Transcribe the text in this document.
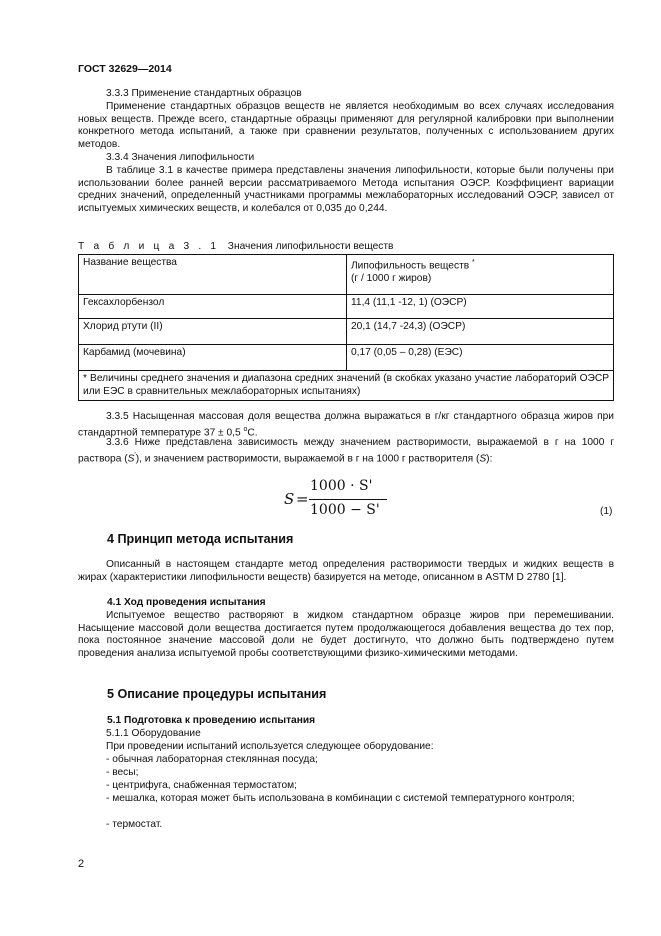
ГОСТ 32629—2014
3.3.3 Применение стандартных образцов
Применение стандартных образцов веществ не является необходимым во всех случаях исследования новых веществ. Прежде всего, стандартные образцы применяют для регулярной калибровки при выполнении конкретного метода испытаний, а также при сравнении результатов, полученных с использованием других методов.
3.3.4 Значения липофильности
В таблице 3.1 в качестве примера представлены значения липофильности, которые были получены при использовании более ранней версии рассматриваемого Метода испытания ОЭСР. Коэффициент вариации средних значений, определенный участниками программы межлабораторных исследований ОЭСР, зависел от испытуемых химических веществ, и колебался от 0,035 до 0,244.
Т а б л и ц а 3 . 1 Значения липофильности веществ
Название вещества	Липофильность веществ *
(г / 1000 г жиров)
Гексахлорбензол	11,4 (11,1 -12, 1) (ОЭСР)
Хлорид ртути (II)	20,1 (14,7 -24,3) (ОЭСР)
Карбамид (мочевина)	0,17 (0,05 – 0,28) (ЕЭС)
* Величины среднего значения и диапазона средних значений (в скобках указано участие лабораторий ОЭСР или ЕЭС в сравнительных межлабораторных испытаниях)	
3.3.5 Насыщенная массовая доля вещества должна выражаться в г/кг стандартного образца жиров при стандартной температуре 37 ± 0,5 $^o$С.
3.3.6 Ниже представлена зависимость между значением растворимости, выражаемой в г на 1000 г раствора (S'), и значением растворимости, выражаемой в г на 1000 г растворителя (S):
S =
1000 · S'
1000 − S'	(1)
4 Принцип метода испытания
Описанный в настоящем стандарте метод определения растворимости твердых и жидких веществ в жирах (характеристики липофильности веществ) базируется на методе, описанном в ASTM D 2780 [1].
4.1 Ход проведения испытания
Испытуемое вещество растворяют в жидком стандартном образце жиров при перемешивании. Насыщение массовой доли вещества достигается путем продолжающегося добавления вещества до тех пор, пока постоянное значение массовой доли не будет достигнуто, что должно быть подтверждено путем проведения анализа испытуемой пробы соответствующими физико-химическими методами.
5 Описание процедуры испытания
5.1 Подготовка к проведению испытания
5.1.1 Оборудование
При проведении испытаний используется следующее оборудование:
- обычная лабораторная стеклянная посуда;
- весы;
- центрифуга, снабженная термостатом;
- мешалка, которая может быть использована в комбинации с системой температурного контроля;
- термостат.
2
